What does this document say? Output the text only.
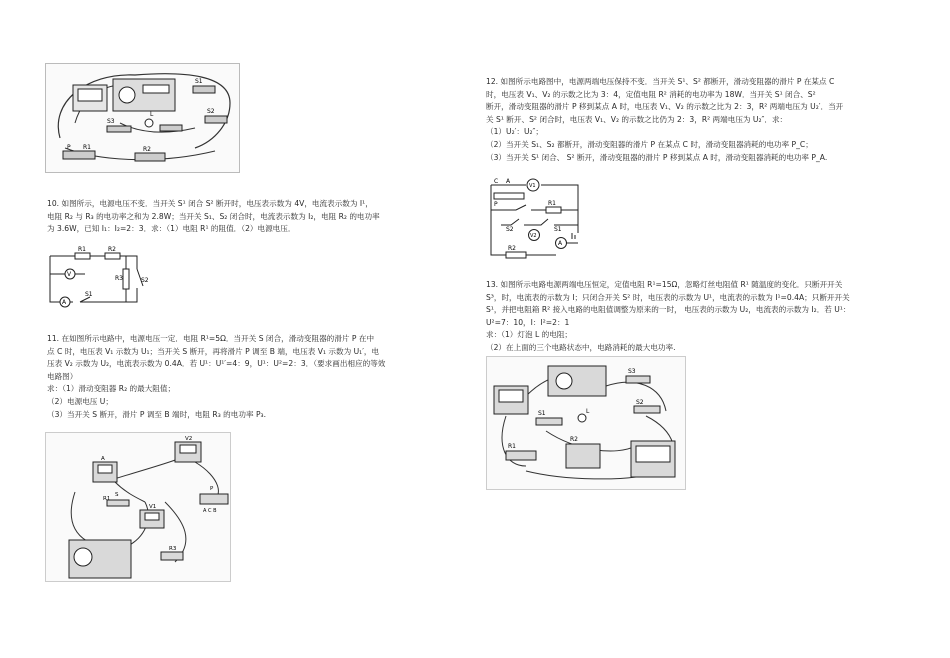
S1
S2
S3
L
P R1	R2
10. 如图所示，电源电压不变．当开关 S¹ 闭合 S² 断开时，电压表示数为 4V，电流表示数为 I¹，
电阻 R₂ 与 R₃ 的电功率之和为 2.8W；当开关 S₁、S₂ 闭合时，电流表示数为 I₂，电阻 R₂ 的电功率
为 3.6W，已知 I₁：I₂=2：3．求：（1）电阻 R¹ 的阻值．（2）电源电压．
R1	R2
R3	S2
S1
V
A
11. 在如图所示电路中，电源电压一定．电阻 R¹=5Ω．当开关 S 闭合，滑动变阻器的滑片 P 在中
点 C 时，电压表 V₁ 示数为 U₁；当开关 S 断开，再将滑片 P 调至 B 端，电压表 V₁ 示数为 U₁′，电
压表 V₂ 示数为 U₂，电流表示数为 0.4A．若 U¹：U¹′=4：9，U¹：U²=2：3．（要求画出相应的等效
电路图）
求：（1）滑动变阻器 R₂ 的最大阻值；
（2）电源电压 U；
（3）当开关 S 断开，滑片 P 调至 B 端时，电阻 R₃ 的电功率 P₃.
V2
V1
A
S
R1
R3
P
A C B
12. 如图所示电路图中，电源两端电压保持不变．当开关 S¹、S² 都断开，滑动变阻器的滑片 P 在某点 C
时，电压表 V₁、V₂ 的示数之比为 3：4，定值电阻 R² 消耗的电功率为 18W．当开关 S¹ 闭合、S²
断开，滑动变阻器的滑片 P 移到某点 A 时，电压表 V₁、V₂ 的示数之比为 2：3，R² 两端电压为 U₂′．当开
关 S¹ 断开、S² 闭合时，电压表 V₁、V₂ 的示数之比仍为 2：3，R² 两端电压为 U₂″．求：
（1）U₂′：U₂″；
（2）当开关 S₁、S₂ 都断开，滑动变阻器的滑片 P 在某点 C 时，滑动变阻器消耗的电功率 P_C；
（3）当开关 S¹ 闭合、 S² 断开，滑动变阻器的滑片 P 移到某点 A 时，滑动变阻器消耗的电功率 P_A.
C A
V1
P	R1
S2
V2
S1
R2
A
13. 如图所示电路电源两端电压恒定，定值电阻 R¹=15Ω，忽略灯丝电阻值 R¹ 随温度的变化．只断开开关
S³，时，电流表的示数为 I；只闭合开关 S² 时，电压表的示数为 U¹，电流表的示数为 I¹=0.4A；只断开开关
S¹，并把电阻箱 R² 接入电路的电阻值调整为原来的一时， 电压表的示数为 U₂，电流表的示数为 I₂．若 U¹：
U²=7：10，I：I²=2：1
求：（1）灯泡 L 的电阻；
（2）在上面的三个电路状态中，电路消耗的最大电功率.
S1
S2
S3
L
R1
R2
